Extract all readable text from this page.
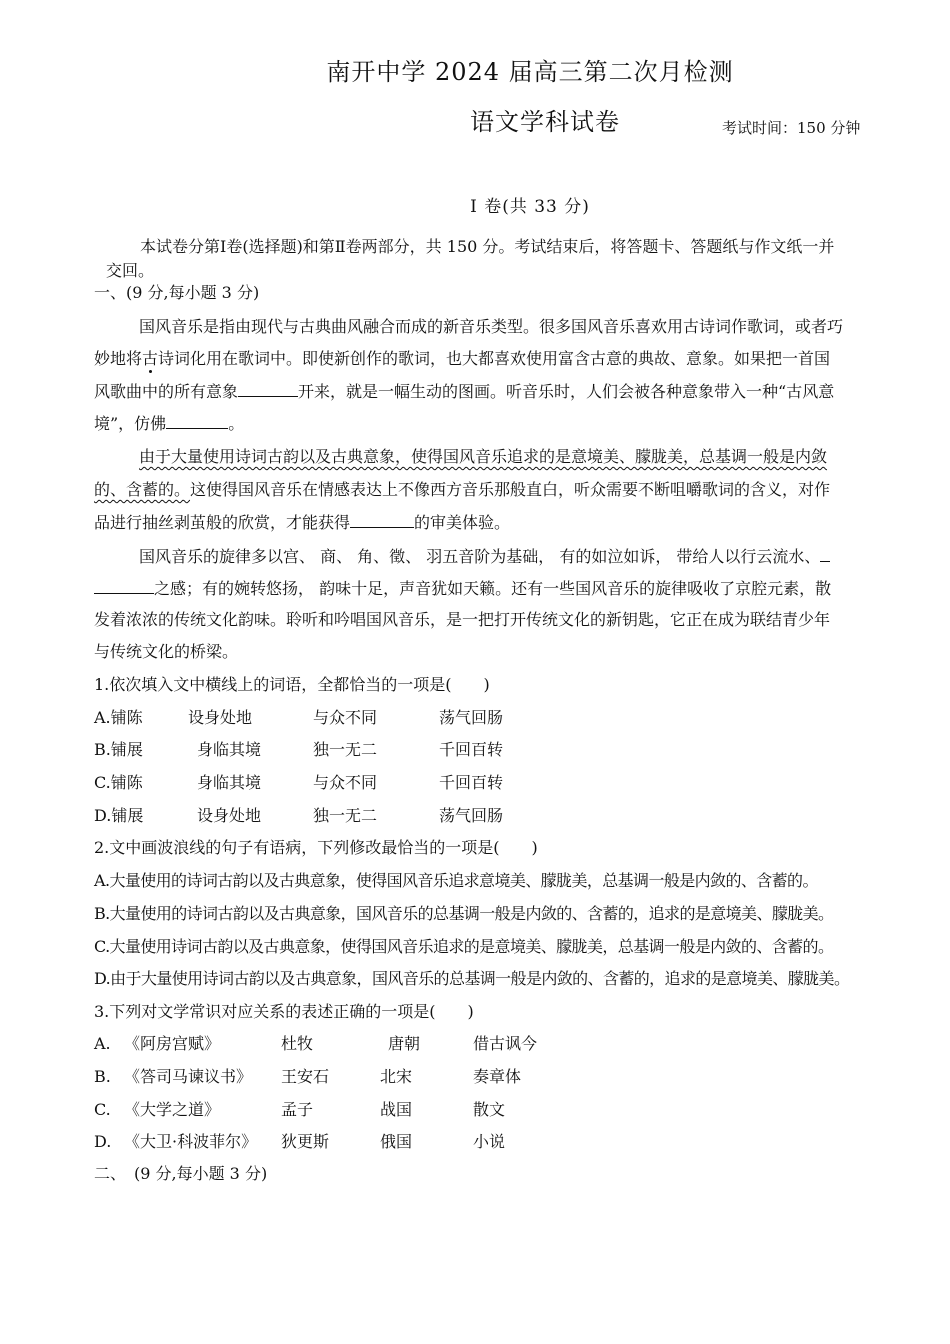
南开中学 2024 届高三第二次月检测
语文学科试卷	考试时间：150 分钟
Ⅰ 卷(共 33 分)
本试卷分第Ⅰ卷(选择题)和第Ⅱ卷两部分，共 150 分。考试结束后，将答题卡、答题纸与作文纸一并
交回。
一、(9 分,每小题 3 分)
国风音乐是指由现代与古典曲风融合而成的新音乐类型。很多国风音乐喜欢用古诗词作歌词，或者巧
妙地将古诗词化用在歌词中。即使新创作的歌词，也大都喜欢使用富含古意的典故、意象。如果把一首国
风歌曲中的所有意象	开来，就是一幅生动的图画。听音乐时，人们会被各种意象带入一种“古风意
境”，仿佛	。
由于大量使用诗词古韵以及古典意象，使得国风音乐追求的是意境美、朦胧美，总基调一般是内敛
的、含蓄的。这使得国风音乐在情感表达上不像西方音乐那般直白，听众需要不断咀嚼歌词的含义，对作
品进行抽丝剥茧般的欣赏，才能获得	的审美体验。
国风音乐的旋律多以宫、 商、 角、徵、 羽五音阶为基础， 有的如泣如诉， 带给人以行云流水、
之感；有的婉转悠扬， 韵味十足，声音犹如天籁。还有一些国风音乐的旋律吸收了京腔元素，散
发着浓浓的传统文化韵味。聆听和吟唱国风音乐，是一把打开传统文化的新钥匙，它正在成为联结青少年
与传统文化的桥梁。
1.依次填入文中横线上的词语，全都恰当的一项是(　　)
A.铺陈	设身处地	与众不同	荡气回肠
B.铺展	身临其境	独一无二	千回百转
C.铺陈	身临其境	与众不同	千回百转
D.铺展	设身处地	独一无二	荡气回肠
2.文中画波浪线的句子有语病，下列修改最恰当的一项是(　　)
A.大量使用的诗词古韵以及古典意象，使得国风音乐追求意境美、朦胧美，总基调一般是内敛的、含蓄的。
B.大量使用的诗词古韵以及古典意象，国风音乐的总基调一般是内敛的、含蓄的，追求的是意境美、朦胧美。
C.大量使用诗词古韵以及古典意象，使得国风音乐追求的是意境美、朦胧美，总基调一般是内敛的、含蓄的。
D.由于大量使用诗词古韵以及古典意象，国风音乐的总基调一般是内敛的、含蓄的，追求的是意境美、朦胧美。
3.下列对文学常识对应关系的表述正确的一项是(　　)
A. 《阿房宫赋》	杜牧	唐朝	借古讽今
B. 《答司马谏议书》 王安石	北宋	奏章体
C. 《大学之道》	孟子	战国	散文
D. 《大卫·科波菲尔》 狄更斯	俄国	小说
二、　(9 分,每小题 3 分)
